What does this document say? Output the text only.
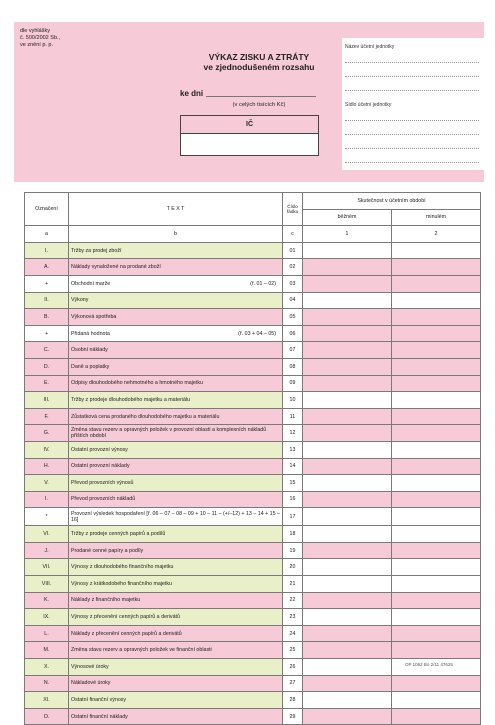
dle vyhlášky
č. 500/2002 Sb.,
ve znění p. p.
VÝKAZ ZISKU A ZTRÁTY
ve zjednodušeném rozsahu
ke dni
(v celých tisících Kč)
IČ
Název účetní jednotky
Sídlo účetní jednotky
Označení	T E X T	Číslo
řádku	Skutečnost v účetním období	
			běžném	minulém
a	b	c	1	2
I.	Tržby za prodej zboží	01		
A.	Náklady vynaložené na prodané zboží	02		
+	Obchodní marže (ř. 01 – 02)	03		
II.	Výkony	04		
B.	Výkonová spotřeba	05		
+	Přidaná hodnota (ř. 03 + 04 – 05)	06		
C.	Osobní náklady	07		
D.	Daně a poplatky	08		
E.	Odpisy dlouhodobého nehmotného a hmotného majetku	09		
III.	Tržby z prodeje dlouhodobého majetku a materiálu	10		
F.	Zůstatková cena prodaného dlouhodobého majetku a materiálu	11		
G.	Změna stavu rezerv a opravných položek v provozní oblasti a komplexních nákladů příštích období	12		
IV.	Ostatní provozní výnosy	13		
H.	Ostatní provozní náklady	14		
V.	Převod provozních výnosů	15		
I.	Převod provozních nákladů	16		
*	Provozní výsledek hospodaření [ř. 06 – 07 – 08 – 09 + 10 – 11 – (+/–12) + 13 – 14 + 15 – 16]	17		
VI.	Tržby z prodeje cenných papírů a podílů	18		
J.	Prodané cenné papíry a podíly	19		
VII.	Výnosy z dlouhodobého finančního majetku	20		
VIII.	Výnosy z krátkodobého finančního majetku	21		
K.	Náklady z finančního majetku	22		
IX.	Výnosy z přecenění cenných papírů a derivátů	23		
L.	Náklady z přecenění cenných papírů a derivátů	24		
M.	Změna stavu rezerv a opravných položek ve finanční oblasti	25		
X.	Výnosové úroky	26		
N.	Nákladové úroky	27		
XI.	Ostatní finanční výnosy	28		
O.	Ostatní finanční náklady	29		
OP 1062 Bo 2/11 47625
